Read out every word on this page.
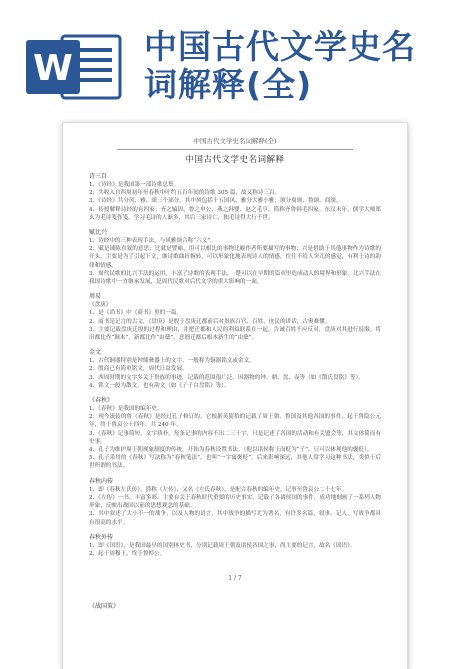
W
中国古代文学史名
词解释(全)
中国古代文学史名词解释(全)
中国古代文学史名词解释
诗三百
1、《诗经》是我国第一部诗歌总集。
2、共收入自西周初年至春秋中叶约五百年间的诗歌 305 篇，故又称诗三百。
3、《诗经》共分风、雅、颂三个部分，其中风包括十五国风，雅分大雅小雅，颂分周颂、鲁颂、商颂。
4、传授解释诗经的有四家：齐之辕固、鲁之申公、燕之韩婴、赵之毛亨，简称齐鲁韩毛四家。东汉末年，儒学大师郑玄为毛诗笺作笺，学习毛诗的人渐多，其后三家诗亡，独毛诗得大行于世。
赋比兴
1、诗经中的三种表现手法，与风雅颂合称“六义”。
2、赋是铺陈直叙的意思；比就是譬喻，用可以相比的事物比喻作者所要描写的事物；兴是借助于其他事物作为诗歌的开头，主要是为了引起下文，继诗歌曲折婉转，可以形象化地表现诗人的情感，往往不给人突兀的感觉，有利于诗的韵律和情感。
3、周代民歌的比兴手法的运用，丰富了诗歌的表现手法，　楚可以在早期的篇章里造成动人的境界和形象。比兴手法在我国诗歌中一直继承发展，是周代民歌对后代文学的重大影响的一面。
周易
《盘庚》
1、是《尚书》中《商书》里的一篇。
2、商书是记言的古文，《盘庚》是殷王盘庚迁都前后对贵族百官、百姓、庶民的讲话，古奥难懂。
3、主要记载盘庚迁殷的过程和理由，并把迁都和人民的利益联系在一起，告诫百姓不应反对，盘庚对其进行说服。将旧都比作“颠木”，新都比作“由蘖”，意谓迁都后根本新生的“由蘖”。
金文
1、古代铜器特别是钟鼎彝器上的文字，一般称为铜器铭文或金文。
2、殷商已有简单铭文，周代日益发展。
3、西周时期的文字多关于贵族的事迹，记载的范围很广泛，因器物的钟、鼎、盘、壶等（如《散氏盘铭》等）。
4、铭文一般为散文，也有韵文（如《子子白盘铭》等）。
《春秋》
1、《春秋》是我国的编年史。
2、现今流传的鲁《春秋》是经过孔子修订的。它根据英简拾的记载了周王朝、鲁国及其他各国的事件，起于鲁隐公元年，终于鲁哀公十四年，共 240 年。
3、《春秋》记事简短，文字质朴，每条记事的内容不出二三十字，只是记述了各国的活动和有关盟会等，其文体简而有史事。
4、孔子为维护周王朝现象制度的传统，开始为春秋设置书法。（他以诸侯称王而贬为“子”，只可以体现他的褒贬）。
5、孔子采用的《春秋》写法称为“春秋笔法”，也叫“一字寓褒贬”，后来影响深远，其他人常学习这种书法，类似于后世所谓的书法。
春秋内传
1、即《春秋左氏传》，简称《左传》，又名《左氏春秋》，是配合春秋的编年史。记事至鲁哀公二十七年。
2、《左传》一书，丰富多彩，主要有关于春秋时代重要的历史事实，记载了各诸侯国的事件，成功地刻画了一系列人物形象，反映出战国以前的思想观念的基础。
3、其中叙述了大小不一的战争，以及人物的语言，其中战争的描写尤为著名，有许多名篇，叙事、记人、写战争都具有很高的水平。
春秋外传
1、即《国语》，是我国最早的国别体史书，分别记载周王朝及诸侯各国之事，尚主要的记言，故名《国语》。
2、起于周穆王，终于鲁悼公。
1 / 7
《战国策》
